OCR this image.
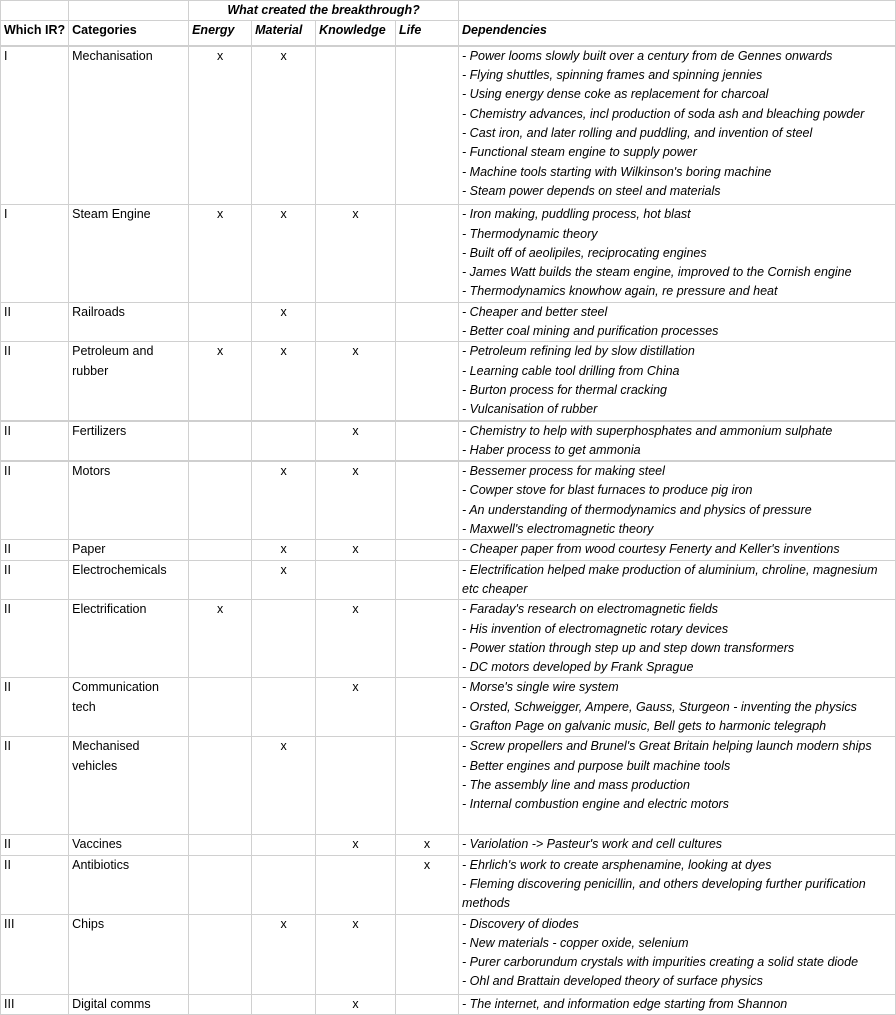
		What created the breakthrough?				
Which IR?	Categories	Energy	Material	Knowledge	Life	Dependencies
I	Mechanisation	x	x			- Power looms slowly built over a century from de Gennes onwards
- Flying shuttles, spinning frames and spinning jennies
- Using energy dense coke as replacement for charcoal
- Chemistry advances, incl production of soda ash and bleaching powder
- Cast iron, and later rolling and puddling, and invention of steel
- Functional steam engine to supply power
- Machine tools starting with Wilkinson's boring machine
- Steam power depends on steel and materials

I	Steam Engine	x	x	x		- Iron making, puddling process, hot blast
- Thermodynamic theory
- Built off of aeolipiles, reciprocating engines
- James Watt builds the steam engine, improved to the Cornish engine
- Thermodynamics knowhow again, re pressure and heat

II	Railroads		x			- Cheaper and better steel
- Better coal mining and purification processes

II	Petroleum and rubber	x	x	x		- Petroleum refining led by slow distillation
- Learning cable tool drilling from China
- Burton process for thermal cracking
- Vulcanisation of rubber

II	Fertilizers			x		- Chemistry to help with superphosphates and ammonium sulphate
- Haber process to get ammonia

II	Motors		x	x		- Bessemer process for making steel
- Cowper stove for blast furnaces to produce pig iron
- An understanding of thermodynamics and physics of pressure
- Maxwell's electromagnetic theory

II	Paper		x	x		- Cheaper paper from wood courtesy Fenerty and Keller's inventions

II	Electrochemicals		x			- Electrification helped make production of aluminium, chroline, magnesium etc cheaper

II	Electrification	x		x		- Faraday's research on electromagnetic fields
- His invention of electromagnetic rotary devices
- Power station through step up and step down transformers
- DC motors developed by Frank Sprague

II	Communication tech			x		- Morse's single wire system
- Orsted, Schweigger, Ampere, Gauss, Sturgeon - inventing the physics
- Grafton Page on galvanic music, Bell gets to harmonic telegraph

II	Mechanised vehicles		x			- Screw propellers and Brunel's Great Britain helping launch modern ships
- Better engines and purpose built machine tools
- The assembly line and mass production
- Internal combustion engine and electric motors

II	Vaccines			x	x	- Variolation -> Pasteur's work and cell cultures

II	Antibiotics				x	- Ehrlich's work to create arsphenamine, looking at dyes
- Fleming discovering penicillin, and others developing further purification methods

III	Chips		x	x		- Discovery of diodes
- New materials - copper oxide, selenium
- Purer carborundum crystals with impurities creating a solid state diode
- Ohl and Brattain developed theory of surface physics

III	Digital comms			x		- The internet, and information edge starting from Shannon
